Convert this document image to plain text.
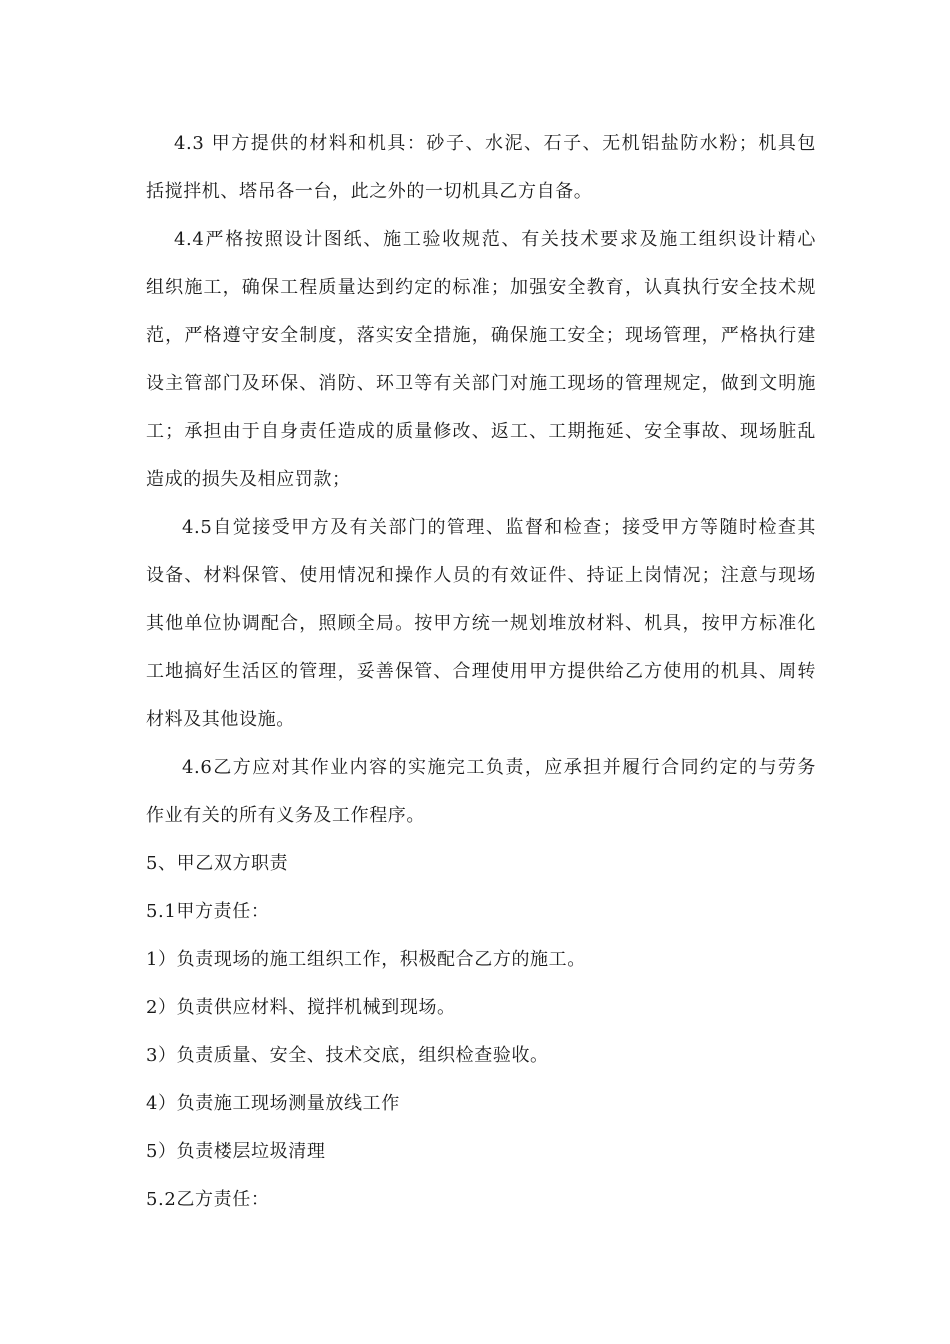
4.3 甲方提供的材料和机具：砂子、水泥、石子、无机铝盐防水粉；机具包
括搅拌机、塔吊各一台，此之外的一切机具乙方自备。
4.4严格按照设计图纸、施工验收规范、有关技术要求及施工组织设计精心
组织施工，确保工程质量达到约定的标准；加强安全教育，认真执行安全技术规
范，严格遵守安全制度，落实安全措施，确保施工安全；现场管理，严格执行建
设主管部门及环保、消防、环卫等有关部门对施工现场的管理规定，做到文明施
工；承担由于自身责任造成的质量修改、返工、工期拖延、安全事故、现场脏乱
造成的损失及相应罚款；
4.5自觉接受甲方及有关部门的管理、监督和检查；接受甲方等随时检查其
设备、材料保管、使用情况和操作人员的有效证件、持证上岗情况；注意与现场
其他单位协调配合，照顾全局。按甲方统一规划堆放材料、机具，按甲方标准化
工地搞好生活区的管理，妥善保管、合理使用甲方提供给乙方使用的机具、周转
材料及其他设施。
4.6乙方应对其作业内容的实施完工负责，应承担并履行合同约定的与劳务
作业有关的所有义务及工作程序。
5、甲乙双方职责
5.1甲方责任：
1）负责现场的施工组织工作，积极配合乙方的施工。
2）负责供应材料、搅拌机械到现场。
3）负责质量、安全、技术交底，组织检查验收。
4）负责施工现场测量放线工作
5）负责楼层垃圾清理
5.2乙方责任：
